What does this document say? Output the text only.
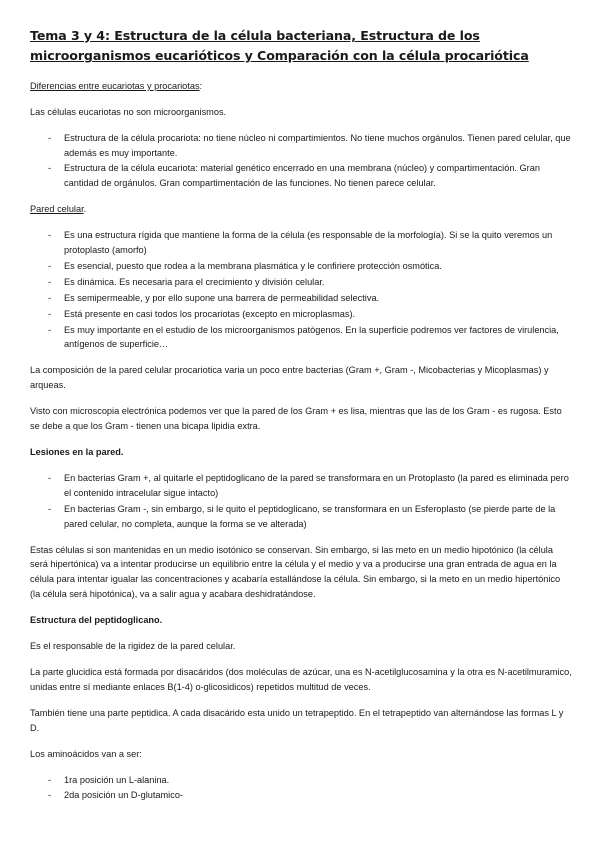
Tema 3 y 4: Estructura de la célula bacteriana, Estructura de los
microorganismos eucarióticos y Comparación con la célula procariótica

Diferencias entre eucariotas y procariotas:

Las células eucariotas no son microorganismos.

- Estructura de la célula procariota: no tiene núcleo ni compartimientos. No tiene muchos orgánulos. Tienen pared celular, que además es muy importante.
- Estructura de la célula eucariota: material genético encerrado en una membrana (núcleo) y compartimentación. Gran cantidad de orgánulos. Gran compartimentación de las funciones. No tienen parece celular.

Pared celular.

- Es una estructura rígida que mantiene la forma de la célula (es responsable de la morfología). Si se la quito veremos un protoplasto (amorfo)
- Es esencial, puesto que rodea a la membrana plasmática y le confiriere protección osmótica.
- Es dinámica. Es necesaria para el crecimiento y división celular.
- Es semipermeable, y por ello supone una barrera de permeabilidad selectiva.
- Está presente en casi todos los procariotas (excepto en microplasmas).
- Es muy importante en el estudio de los microorganismos patógenos. En la superficie podremos ver factores de virulencia, antígenos de superficie…

La composición de la pared celular procariotica varia un poco entre bacterias (Gram +, Gram -, Micobacterias y Micoplasmas) y arqueas.

Visto con microscopia electrónica podemos ver que la pared de los Gram + es lisa, mientras que las de los Gram - es rugosa. Esto se debe a que los Gram - tienen una bicapa lipidia extra.

Lesiones en la pared.

- En bacterias Gram +, al quitarle el peptidoglicano de la pared se transformara en un Protoplasto (la pared es eliminada pero el contenido intracelular sigue intacto)
- En bacterias Gram -, sin embargo, si le quito el peptidoglicano, se transformara en un Esferoplasto (se pierde parte de la pared celular, no completa, aunque la forma se ve alterada)

Estas células si son mantenidas en un medio isotónico se conservan. Sin embargo, si las meto en un medio hipotónico (la célula será hipertónica) va a intentar producirse un equilibrio entre la célula y el medio y va a producirse una gran entrada de agua en la célula para intentar igualar las concentraciones y acabaría estallándose la célula. Sin embargo, si la meto en un medio hipertónico (la célula será hipotónica), va a salir agua y acabara deshidratándose.

Estructura del peptidoglicano.

Es el responsable de la rigidez de la pared celular.

La parte glucidica está formada por disacáridos (dos moléculas de azúcar, una es N-acetilglucosamina y la otra es N-acetilmuramico, unidas entre sí mediante enlaces B(1-4) o-glicosidicos) repetidos multitud de veces.

También tiene una parte peptidica. A cada disacárido esta unido un tetrapeptido. En el tetrapeptido van alternándose las formas L y D.

Los aminoácidos van a ser:

- 1ra posición un L-alanina.
- 2da posición un D-glutamico-
